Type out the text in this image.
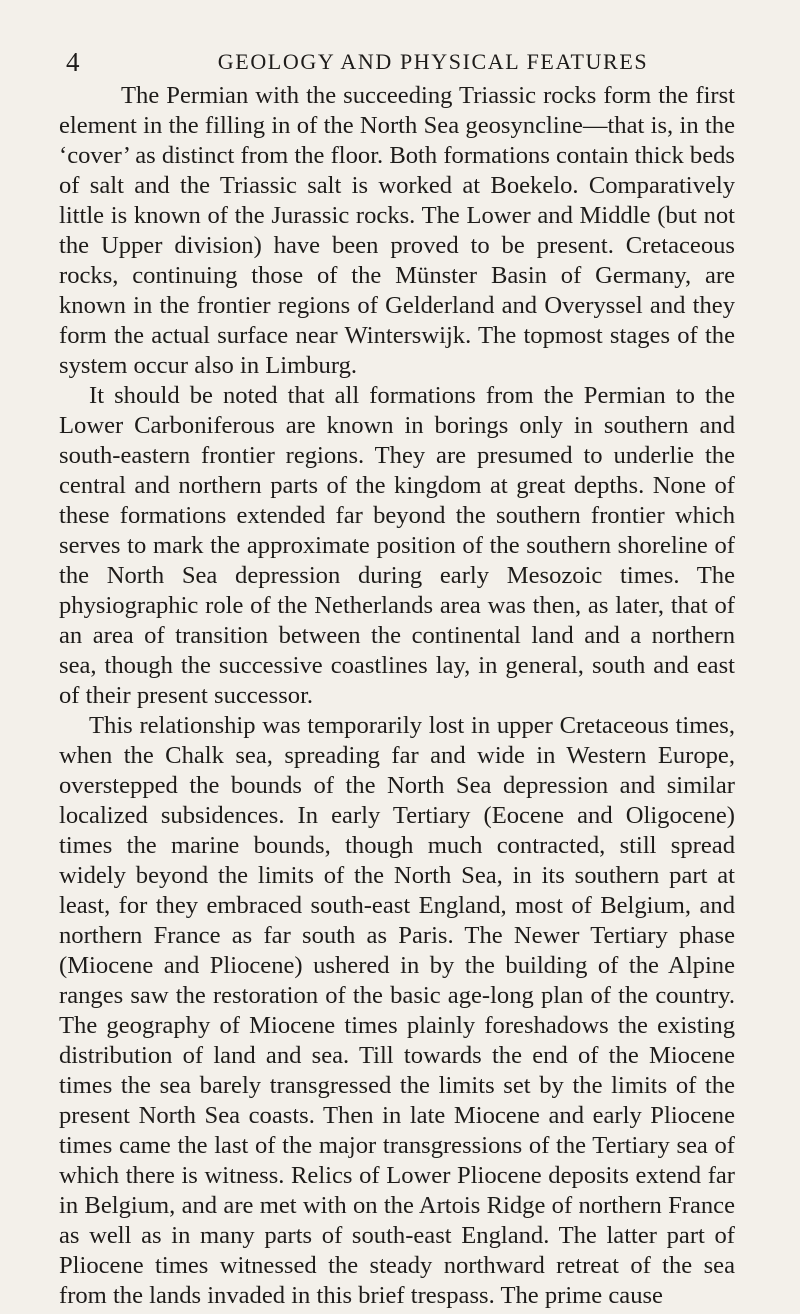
4	GEOLOGY AND PHYSICAL FEATURES

The Permian with the succeeding Triassic rocks form the first element in the filling in of the North Sea geosyncline—that is, in the ‘cover’ as distinct from the floor. Both formations contain thick beds of salt and the Triassic salt is worked at Boekelo. Comparatively little is known of the Jurassic rocks. The Lower and Middle (but not the Upper division) have been proved to be present. Cretaceous rocks, continuing those of the Münster Basin of Germany, are known in the frontier regions of Gelderland and Overyssel and they form the actual surface near Winterswijk. The topmost stages of the system occur also in Limburg.

It should be noted that all formations from the Permian to the Lower Carboniferous are known in borings only in southern and south-eastern frontier regions. They are presumed to underlie the central and northern parts of the kingdom at great depths. None of these formations extended far beyond the southern frontier which serves to mark the approximate position of the southern shoreline of the North Sea depression during early Mesozoic times. The physiographic role of the Netherlands area was then, as later, that of an area of transition between the continental land and a northern sea, though the successive coastlines lay, in general, south and east of their present successor.

This relationship was temporarily lost in upper Cretaceous times, when the Chalk sea, spreading far and wide in Western Europe, overstepped the bounds of the North Sea depression and similar localized subsidences. In early Tertiary (Eocene and Oligocene) times the marine bounds, though much contracted, still spread widely beyond the limits of the North Sea, in its southern part at least, for they embraced south-east England, most of Belgium, and northern France as far south as Paris. The Newer Tertiary phase (Miocene and Pliocene) ushered in by the building of the Alpine ranges saw the restoration of the basic age-long plan of the country. The geography of Miocene times plainly foreshadows the existing distribution of land and sea. Till towards the end of the Miocene times the sea barely transgressed the limits set by the limits of the present North Sea coasts. Then in late Miocene and early Pliocene times came the last of the major transgressions of the Tertiary sea of which there is witness. Relics of Lower Pliocene deposits extend far in Belgium, and are met with on the Artois Ridge of northern France as well as in many parts of south-east England. The latter part of Pliocene times witnessed the steady northward retreat of the sea from the lands invaded in this brief trespass. The prime cause
